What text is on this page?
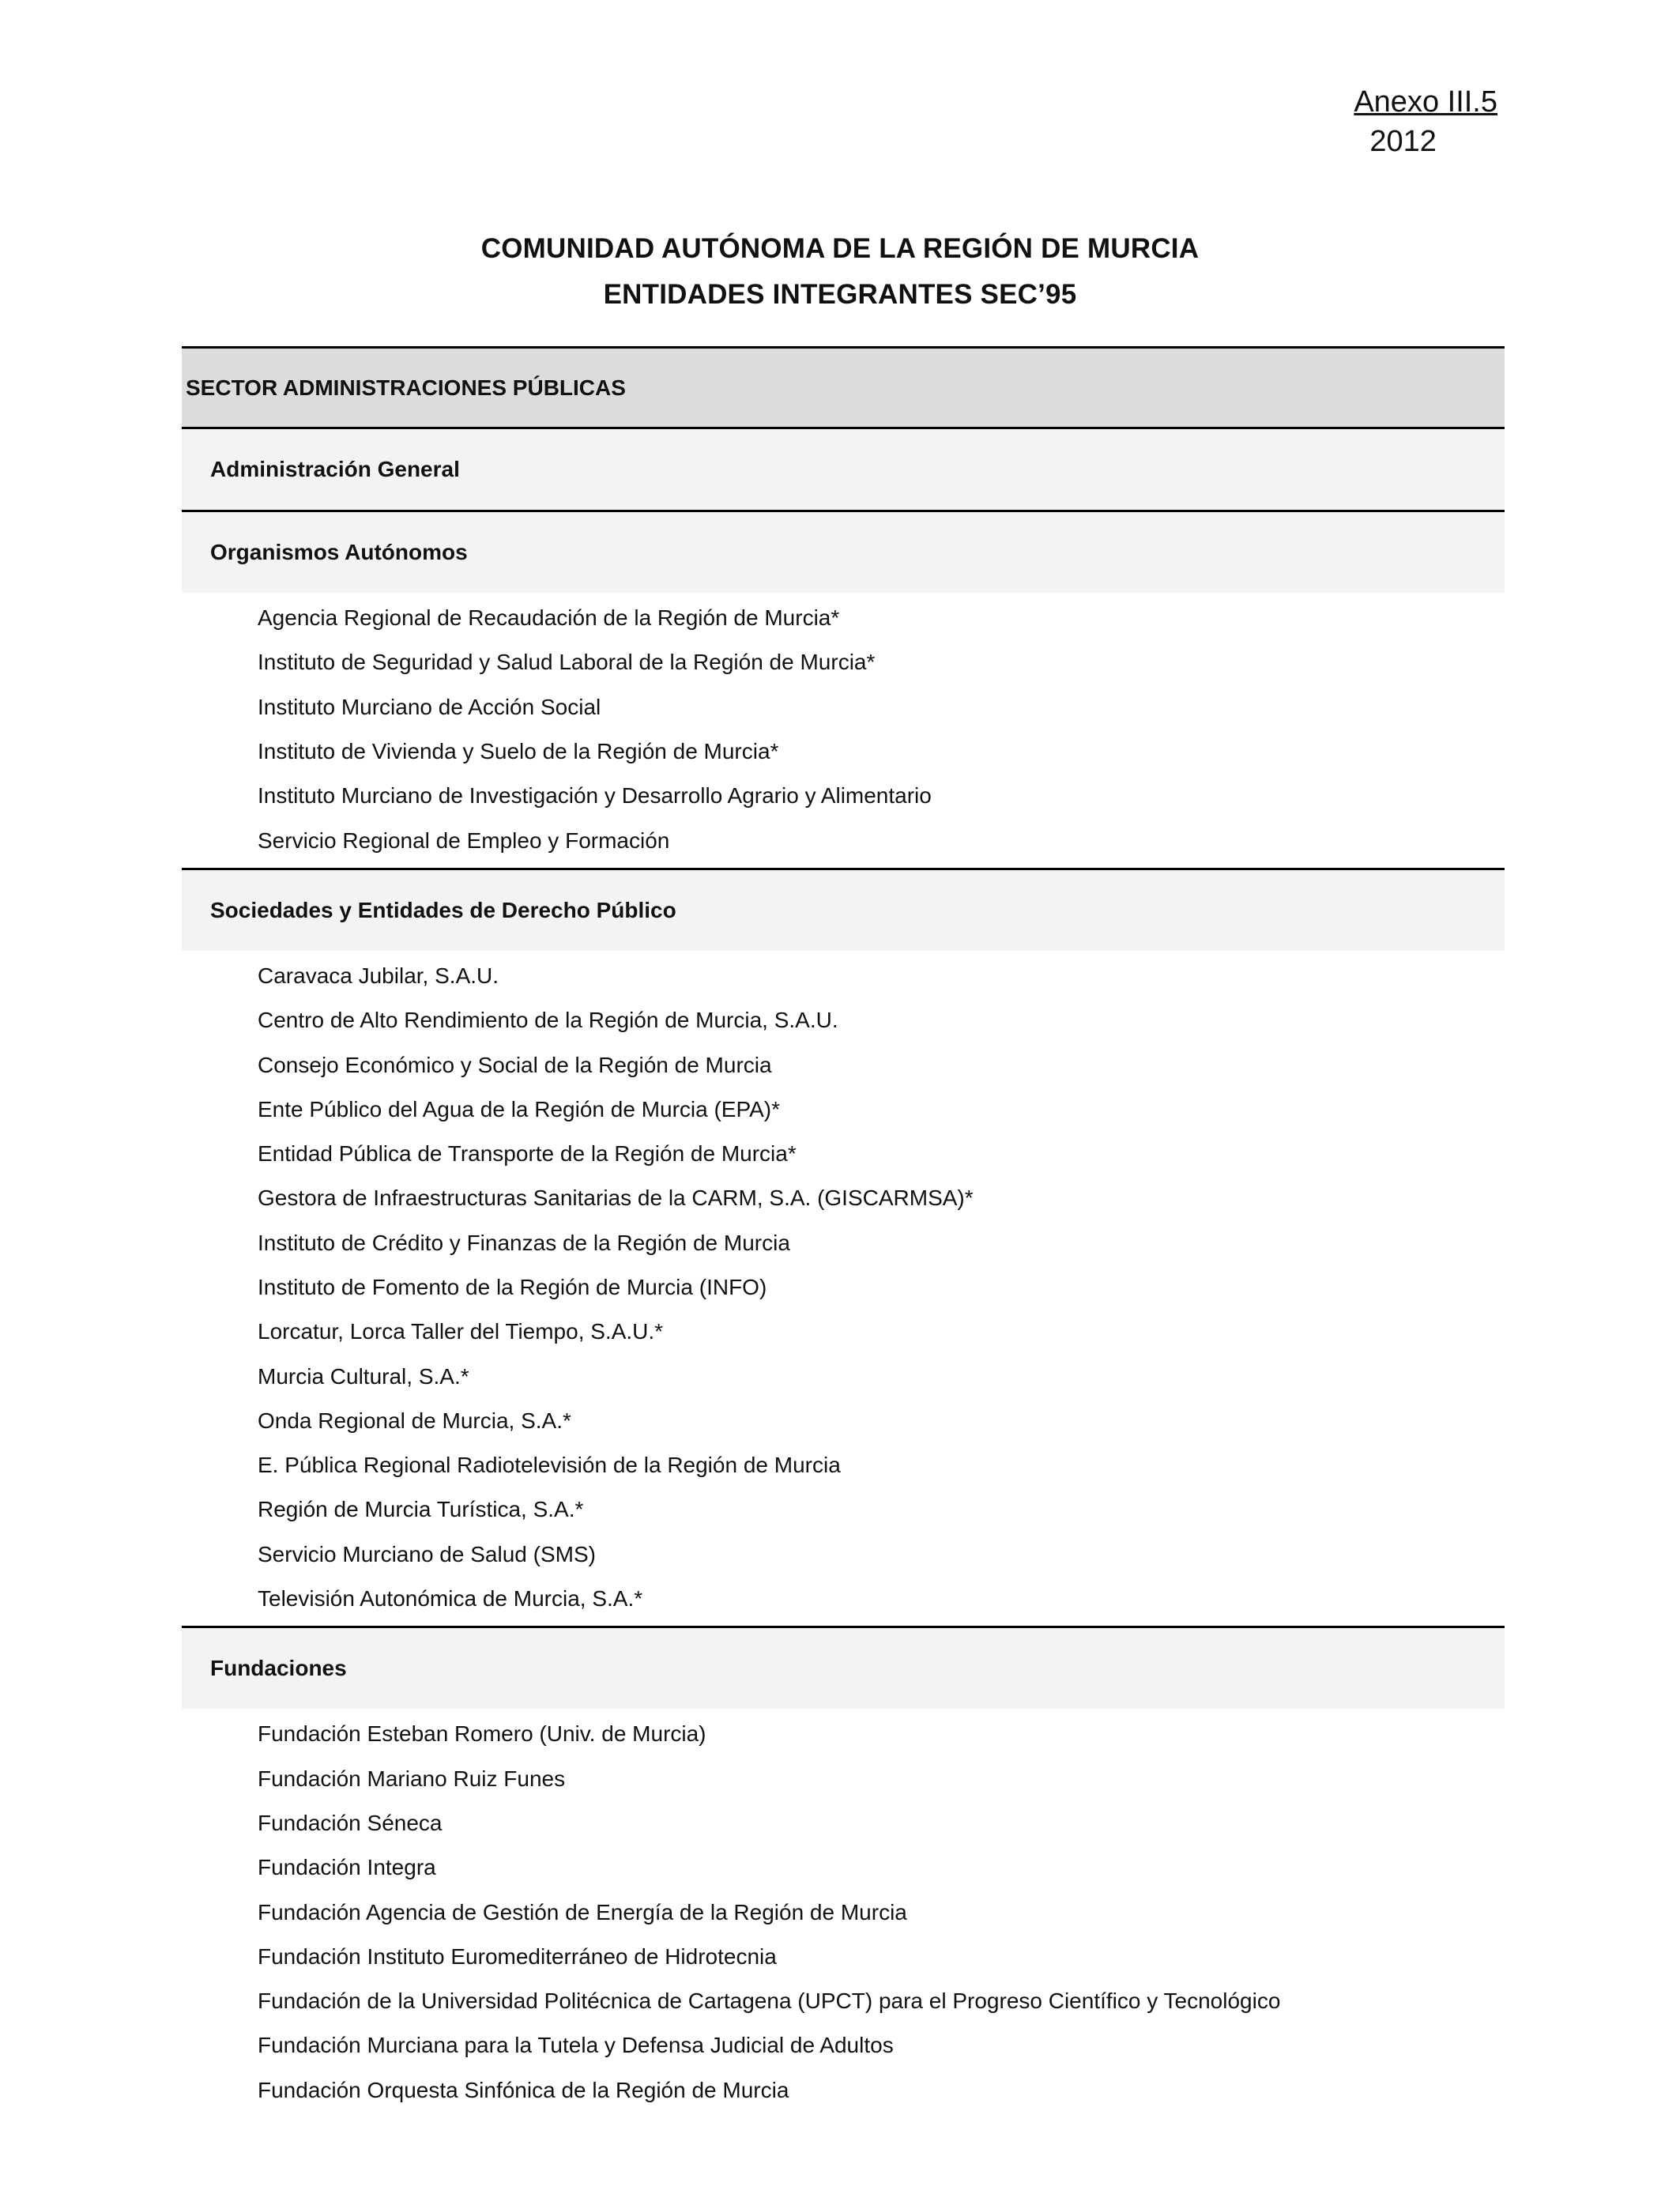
Anexo III.5
2012
COMUNIDAD AUTÓNOMA DE LA REGIÓN DE MURCIA
ENTIDADES INTEGRANTES SEC’95
SECTOR ADMINISTRACIONES PÚBLICAS
Administración General
Organismos Autónomos
Agencia Regional de Recaudación de la Región de Murcia*
Instituto de Seguridad y Salud Laboral de la Región de Murcia*
Instituto Murciano de Acción Social
Instituto de Vivienda y Suelo de la Región de Murcia*
Instituto Murciano de Investigación y Desarrollo Agrario y Alimentario
Servicio Regional de Empleo y Formación
Sociedades y Entidades de Derecho Público
Caravaca Jubilar, S.A.U.
Centro de Alto Rendimiento de la Región de Murcia, S.A.U.
Consejo Económico y Social de la Región de Murcia
Ente Público del Agua de la Región de Murcia (EPA)*
Entidad Pública de Transporte de la Región de Murcia*
Gestora de Infraestructuras Sanitarias de la CARM, S.A. (GISCARMSA)*
Instituto de Crédito y Finanzas de la Región de Murcia
Instituto de Fomento de la Región de Murcia (INFO)
Lorcatur, Lorca Taller del Tiempo, S.A.U.*
Murcia Cultural, S.A.*
Onda Regional de Murcia, S.A.*
E. Pública Regional Radiotelevisión de la Región de Murcia
Región de Murcia Turística, S.A.*
Servicio Murciano de Salud (SMS)
Televisión Autonómica de Murcia, S.A.*
Fundaciones
Fundación Esteban Romero (Univ. de Murcia)
Fundación Mariano Ruiz Funes
Fundación Séneca
Fundación Integra
Fundación Agencia de Gestión de Energía de la Región de Murcia
Fundación Instituto Euromediterráneo de Hidrotecnia
Fundación de la Universidad Politécnica de Cartagena (UPCT) para el Progreso Científico y Tecnológico
Fundación Murciana para la Tutela y Defensa Judicial de Adultos
Fundación Orquesta Sinfónica de la Región de Murcia
